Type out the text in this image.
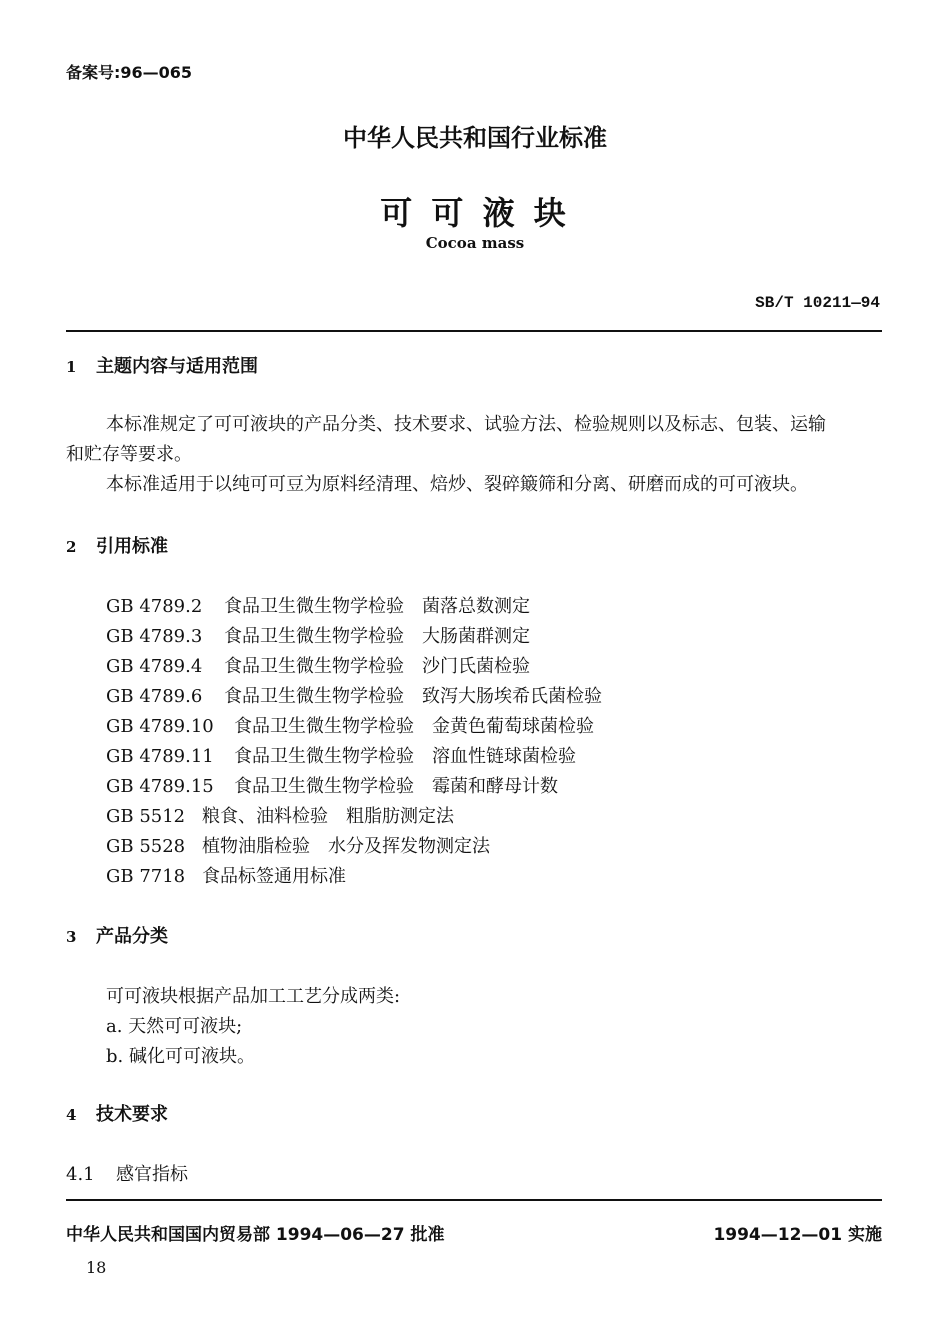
备案号:96—065
中华人民共和国行业标准
可 可 液 块
Cocoa mass
SB/T 10211—94
1 主题内容与适用范围
本标准规定了可可液块的产品分类、技术要求、试验方法、检验规则以及标志、包装、运输
和贮存等要求。
本标准适用于以纯可可豆为原料经清理、焙炒、裂碎簸筛和分离、研磨而成的可可液块。
2 引用标准
GB 4789.2 食品卫生微生物学检验 菌落总数测定
GB 4789.3 食品卫生微生物学检验 大肠菌群测定
GB 4789.4 食品卫生微生物学检验 沙门氏菌检验
GB 4789.6 食品卫生微生物学检验 致泻大肠埃希氏菌检验
GB 4789.10 食品卫生微生物学检验 金黄色葡萄球菌检验
GB 4789.11 食品卫生微生物学检验 溶血性链球菌检验
GB 4789.15 食品卫生微生物学检验 霉菌和酵母计数
GB 5512 粮食、油料检验 粗脂肪测定法
GB 5528 植物油脂检验 水分及挥发物测定法
GB 7718 食品标签通用标准
3 产品分类
可可液块根据产品加工工艺分成两类:
a. 天然可可液块;
b. 碱化可可液块。
4 技术要求
4.1 感官指标
中华人民共和国国内贸易部 1994—06—27 批准	1994—12—01 实施
18
